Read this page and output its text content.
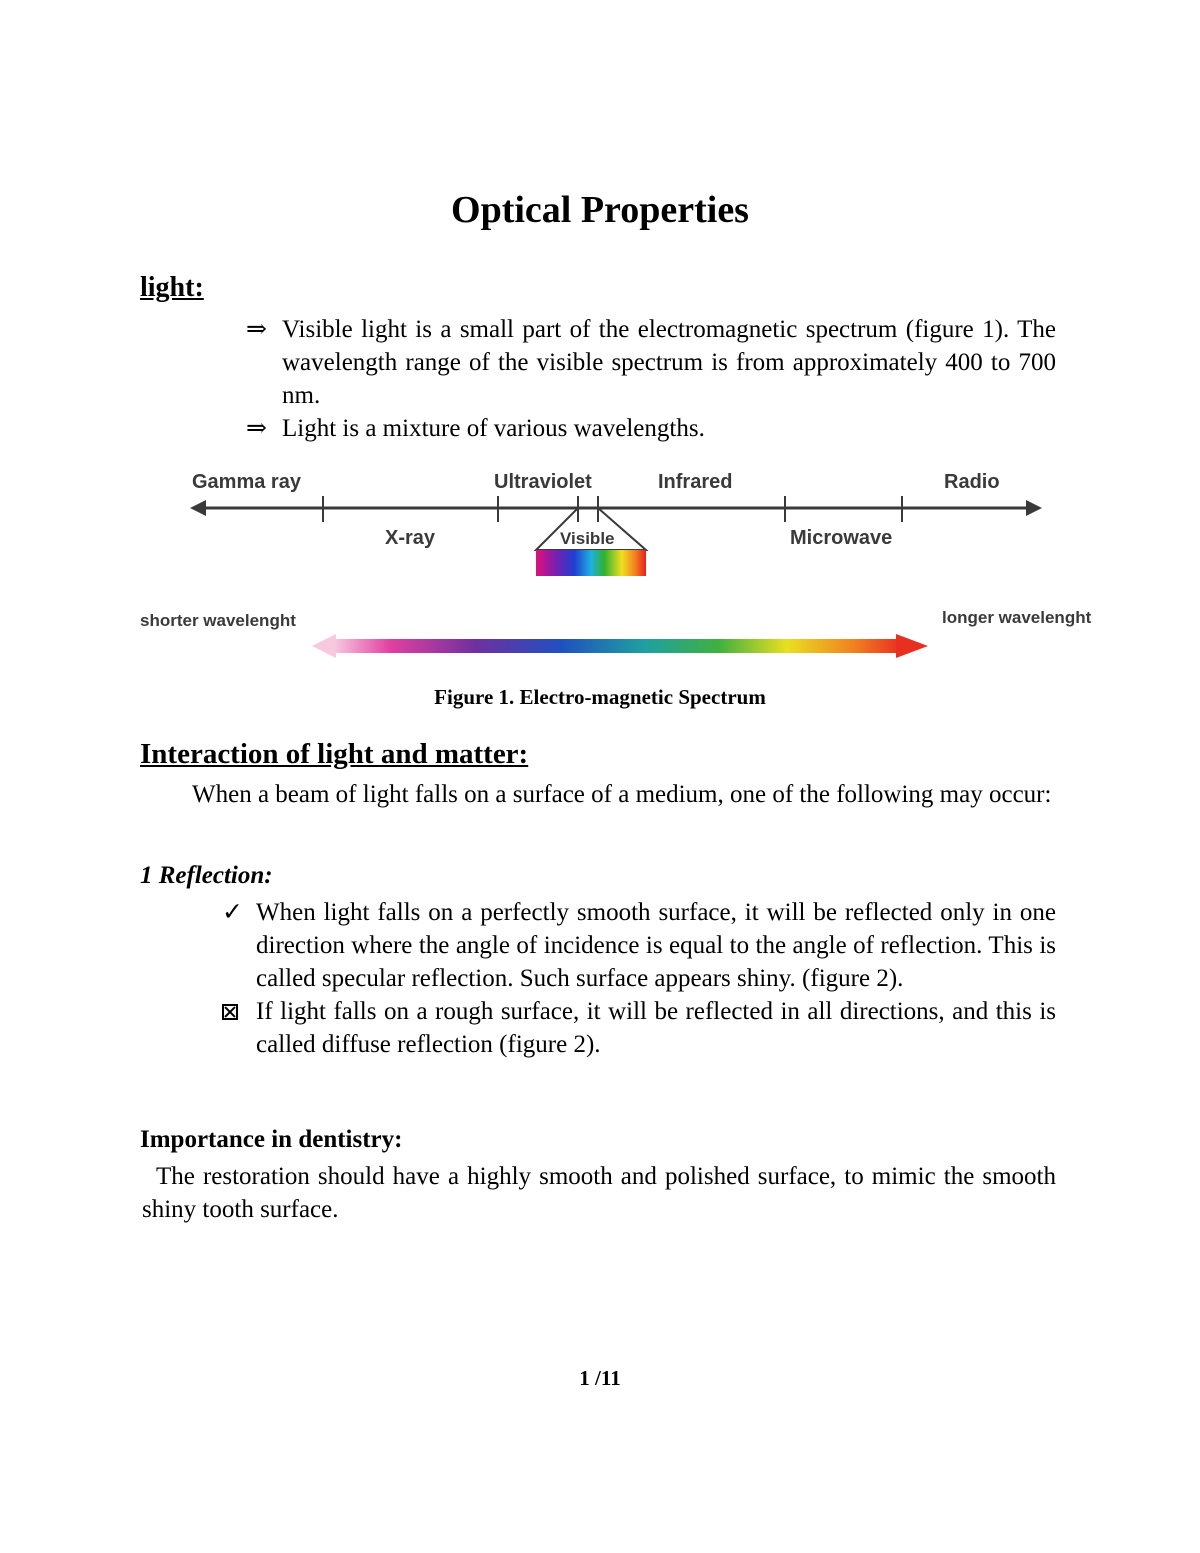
Optical Properties
light:
⇒ Visible light is a small part of the electromagnetic spectrum (figure 1). The wavelength range of the visible spectrum is from approximately 400 to 700 nm.
⇒ Light is a mixture of various wavelengths.
Gamma ray	Ultraviolet	Infrared	Radio
X-ray	Microwave
Visible
shorter wavelenght	longer wavelenght
Figure 1. Electro-magnetic Spectrum
Interaction of light and matter:
When a beam of light falls on a surface of a medium, one of the following may occur:
1 Reflection:
✓ When light falls on a perfectly smooth surface, it will be reflected only in one direction where the angle of incidence is equal to the angle of reflection. This is called specular reflection. Such surface appears shiny. (figure 2).
If light falls on a rough surface, it will be reflected in all directions, and this is called diffuse reflection (figure 2).
Importance in dentistry:
The restoration should have a highly smooth and polished surface, to mimic the smooth shiny tooth surface.
1 /11
